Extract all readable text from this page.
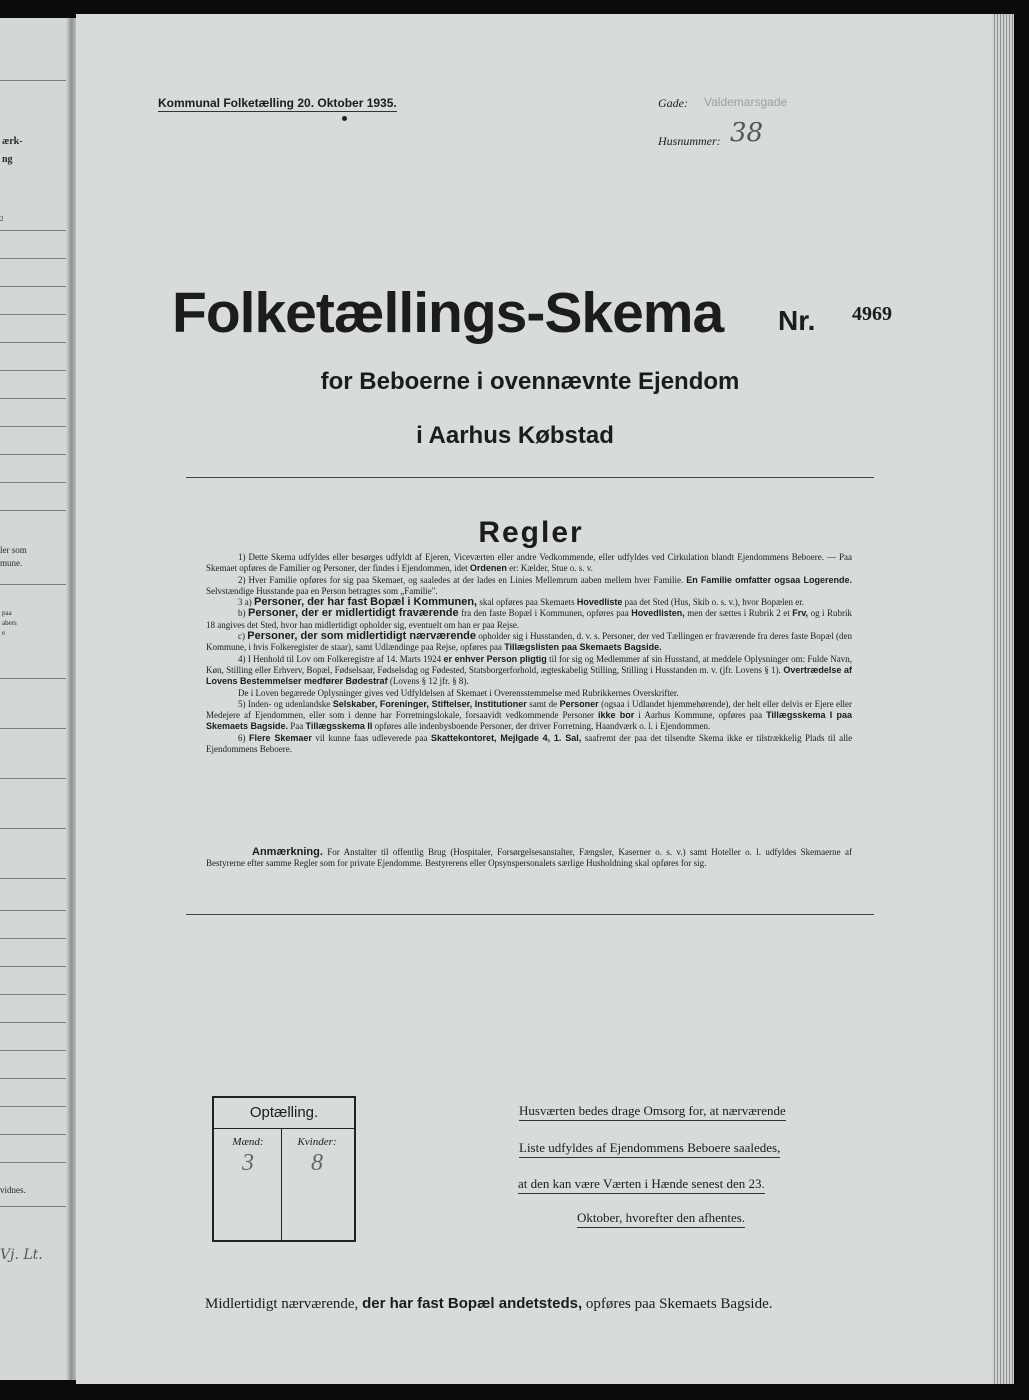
ærk-
ng
2
ler som
mune.
paa
abers
e
vidnes.
Vj. Lt.
Kommunal Folketælling 20. Oktober 1935.	Gade: Valdemarsgade
Husnummer: 38
Folketællings-Skema Nr. 4969
for Beboerne i ovennævnte Ejendom
i Aarhus Købstad
Regler

1) Dette Skema udfyldes eller besørges udfyldt af Ejeren, Viceværten eller andre Vedkommende, eller udfyldes ved Cirkulation blandt Ejendommens Beboere. — Paa Skemaet opføres de Familier og Personer, der findes i Ejendommen, idet Ordenen er: Kælder, Stue o. s. v.

2) Hver Familie opføres for sig paa Skemaet, og saaledes at der lades en Linies Mellemrum aaben mellem hver Familie. En Familie omfatter ogsaa Logerende. Selvstændige Husstande paa en Person betragtes som „Familie".

3 a) Personer, der har fast Bopæl i Kommunen, skal opføres paa Skemaets Hovedliste paa det Sted (Hus, Skib o. s. v.), hvor Bopælen er.

b) Personer, der er midlertidigt fraværende fra den faste Bopæl i Kommunen, opføres paa Hovedlisten, men der sættes i Rubrik 2 et Frv, og i Rubrik 18 angives det Sted, hvor han midlertidigt opholder sig, eventuelt om han er paa Rejse.

c) Personer, der som midlertidigt nærværende opholder sig i Husstanden, d. v. s. Personer, der ved Tællingen er fraværende fra deres faste Bopæl (den Kommune, i hvis Folkeregister de staar), samt Udlændinge paa Rejse, opføres paa Tillægslisten paa Skemaets Bagside.

4) I Henhold til Lov om Folkeregistre af 14. Marts 1924 er enhver Person pligtig til for sig og Medlemmer af sin Husstand, at meddele Oplysninger om: Fulde Navn, Køn, Stilling eller Erhverv, Bopæl, Fødselsaar, Fødselsdag og Fødested, Statsborgerforhold, ægteskabelig Stilling, Stilling i Husstanden m. v. (jfr. Lovens § 1). Overtrædelse af Lovens Bestemmelser medfører Bødestraf (Lovens § 12 jfr. § 8).

De i Loven begærede Oplysninger gives ved Udfyldelsen af Skemaet i Overensstemmelse med Rubrikkernes Overskrifter.

5) Inden- og udenlandske Selskaber, Foreninger, Stiftelser, Institutioner samt de Personer (ogsaa i Udlandet hjemmehørende), der helt eller delvis er Ejere eller Medejere af Ejendommen, eller som i denne har Forretningslokale, forsaavidt vedkommende Personer ikke bor i Aarhus Kommune, opføres paa Tillægsskema I paa Skemaets Bagside. Paa Tillægsskema II opføres alle indenbysboende Personer, der driver Forretning, Haandværk o. l. i Ejendommen.

6) Flere Skemaer vil kunne faas udleverede paa Skattekontoret, Mejlgade 4, 1. Sal, saafremt der paa det tilsendte Skema ikke er tilstrækkelig Plads til alle Ejendommens Beboere.

Anmærkning. For Anstalter til offentlig Brug (Hospitaler, Forsørgelsesanstalter, Fængsler, Kaserner o. s. v.) samt Hoteller o. l. udfyldes Skemaerne af Bestyrerne efter samme Regler som for private Ejendomme. Bestyrerens eller Opsynspersonalets særlige Husholdning skal opføres for sig.

Optælling.
Mænd:
3
Kvinder:
8
Husværten bedes drage Omsorg for, at nærværende
Liste udfyldes af Ejendommens Beboere saaledes,
at den kan være Værten i Hænde senest den 23.
Oktober, hvorefter den afhentes.
Midlertidigt nærværende, der har fast Bopæl andetsteds, opføres paa Skemaets Bagside.
